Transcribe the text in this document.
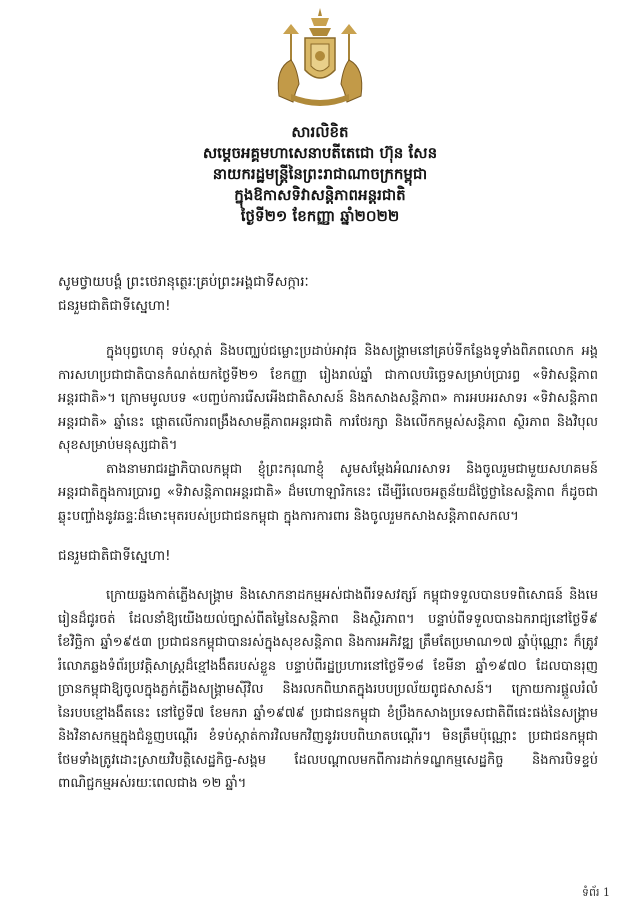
សារលិខិត
សម្តេចអគ្គមហាសេនាបតីតេជោ ហ៊ុន សែន
នាយករដ្ឋមន្ត្រីនៃព្រះរាជាណាចក្រកម្ពុជា
ក្នុងឱកាសទិវាសន្តិភាពអន្តរជាតិ
ថ្ងៃទី២១ ខែកញ្ញា ឆ្នាំ២០២២

សូមថ្វាយបង្គំ ព្រះថេរានុត្ថេរៈគ្រប់ព្រះអង្គជាទីសក្ការៈ

ជនរួមជាតិជាទីស្នេហា!

ក្នុងបុព្វហេតុ ទប់ស្កាត់ និងបញ្ឈប់ជម្លោះប្រដាប់អាវុធ និងសង្គ្រាមនៅគ្រប់ទីកន្លែងទូទាំងពិភពលោក អង្គការសហប្រជាជាតិបានកំណត់យកថ្ងៃទី២១ ខែកញ្ញា រៀងរាល់ឆ្នាំ ជាកាលបរិច្ឆេទសម្រាប់ប្រារព្ធ «ទិវាសន្តិភាពអន្តរជាតិ»។ ក្រោមមូលបទ «បញ្ចប់ការរើសអើងជាតិសាសន៍ និងកសាងសន្តិភាព» ការអបអរសាទរ «ទិវាសន្តិភាពអន្តរជាតិ» ឆ្នាំនេះ ផ្តោតលើការពង្រឹងសាមគ្គីភាពអន្តរជាតិ ការថែរក្សា និងលើកកម្ពស់សន្តិភាព ស្ថិរភាព និងវិបុលសុខសម្រាប់មនុស្សជាតិ។

តាងនាមរាជរដ្ឋាភិបាលកម្ពុជា ខ្ញុំព្រះករុណាខ្ញុំ សូមសម្តែងអំណរសាទរ និងចូលរួមជាមួយសហគមន៍អន្តរជាតិក្នុងការប្រារព្ធ «ទិវាសន្តិភាពអន្តរជាតិ» ដ៏មហោឡារិកនេះ ដើម្បីរំលេចអត្ថន័យដ៏ថ្លៃថ្លានៃសន្តិភាព ក៏ដូចជាឆ្លុះបញ្ចាំងនូវឆន្ទៈដ៏មោះមុតរបស់ប្រជាជនកម្ពុជា ក្នុងការការពារ និងចូលរួមកសាងសន្តិភាពសកល។

ជនរួមជាតិជាទីស្នេហា!

ក្រោយឆ្លងកាត់ភ្លើងសង្គ្រាម និងសោកនាដកម្មអស់ជាងពីរទសវត្សរ៍ កម្ពុជាទទួលបានបទពិសោធន៍ និងមេរៀនដ៏ជូរចត់ ដែលនាំឱ្យយើងយល់ច្បាស់ពីតម្លៃនៃសន្តិភាព និងស្ថិរភាព។ បន្ទាប់ពីទទួលបានឯករាជ្យនៅថ្ងៃទី៩ ខែវិច្ឆិកា ឆ្នាំ១៩៥៣ ប្រជាជនកម្ពុជាបានរស់ក្នុងសុខសន្តិភាព និងការអភិវឌ្ឍ ត្រឹមតែប្រមាណ១៧ ឆ្នាំប៉ុណ្ណោះ ក៏ត្រូវរំលោភឆ្លងទំព័រប្រវត្តិសាស្ត្រដ៏ខ្មៅងងឹតរបស់ខ្លួន បន្ទាប់ពីរដ្ឋប្រហារនៅថ្ងៃទី១៨ ខែមីនា ឆ្នាំ១៩៧០ ដែលបានរុញច្រានកម្ពុជាឱ្យចូលក្នុងភ្លក់ភ្លើងសង្គ្រាមស៊ីវិល និងរលកពិឃាតក្នុងរបបប្រល័យពូជសាសន៍។ ក្រោយការផ្តួលរំលំនៃរបបខ្មៅងងឹតនេះ នៅថ្ងៃទី៧ ខែមករា ឆ្នាំ១៩៧៩ ប្រជាជនកម្ពុជា ខំប្រឹងកសាងប្រទេសជាតិពីផេះផង់នៃសង្គ្រាម និងវិនាសកម្មក្នុងជំនួញបណ្តើរ ខំទប់ស្កាត់ការវិលមកវិញនូវរបបពិឃាតបណ្តើរ។ មិនត្រឹមប៉ុណ្ណោះ ប្រជាជនកម្ពុជា ថែមទាំងត្រូវដោះស្រាយវិបត្តិសេដ្ឋកិច្ច-សង្គម ដែលបណ្តាលមកពីការដាក់ទណ្ឌកម្មសេដ្ឋកិច្ច និងការបិទខ្ទប់ពាណិជ្ជកម្មអស់រយៈពេលជាង ១២ ឆ្នាំ។

ទំព័រ 1
